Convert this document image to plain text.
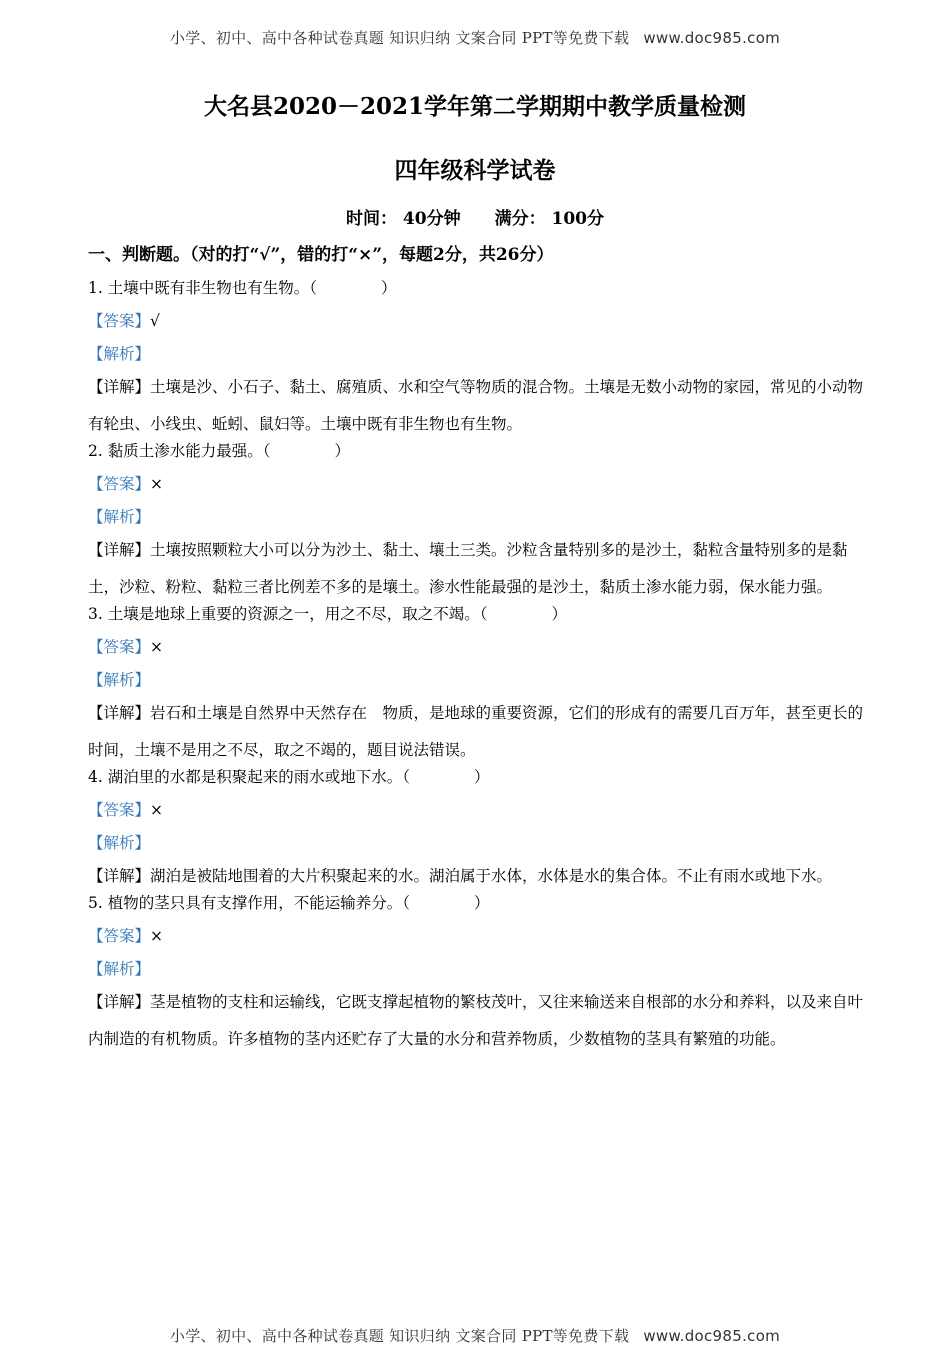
小学、初中、高中各种试卷真题 知识归纳 文案合同 PPT等免费下载 www.doc985.com
大名县2020－2021学年第二学期期中教学质量检测
四年级科学试卷
时间： 40分钟 满分： 100分
一、判断题。（对的打“√”，错的打“×”，每题2分，共26分）
1. 土壤中既有非生物也有生物。（	）
【答案】√
【解析】
【详解】土壤是沙、小石子、黏土、腐殖质、水和空气等物质的混合物。土壤是无数小动物的家园，常见的小动物有轮虫、小线虫、蚯蚓、鼠妇等。土壤中既有非生物也有生物。
2. 黏质土渗水能力最强。（	）
【答案】×
【解析】
【详解】土壤按照颗粒大小可以分为沙土、黏土、壤土三类。沙粒含量特别多的是沙土，黏粒含量特别多的是黏土，沙粒、粉粒、黏粒三者比例差不多的是壤土。渗水性能最强的是沙土，黏质土渗水能力弱，保水能力强。
3. 土壤是地球上重要的资源之一，用之不尽，取之不竭。（	）
【答案】×
【解析】
【详解】岩石和土壤是自然界中天然存在　物质，是地球的重要资源，它们的形成有的需要几百万年，甚至更长的时间，土壤不是用之不尽，取之不竭的，题目说法错误。
4. 湖泊里的水都是积聚起来的雨水或地下水。（	）
【答案】×
【解析】
【详解】湖泊是被陆地围着的大片积聚起来的水。湖泊属于水体，水体是水的集合体。不止有雨水或地下水。
5. 植物的茎只具有支撑作用，不能运输养分。（	）
【答案】×
【解析】
【详解】茎是植物的支柱和运输线，它既支撑起植物的繁枝茂叶，又往来输送来自根部的水分和养料，以及来自叶内制造的有机物质。许多植物的茎内还贮存了大量的水分和营养物质，少数植物的茎具有繁殖的功能。
小学、初中、高中各种试卷真题 知识归纳 文案合同 PPT等免费下载 www.doc985.com
